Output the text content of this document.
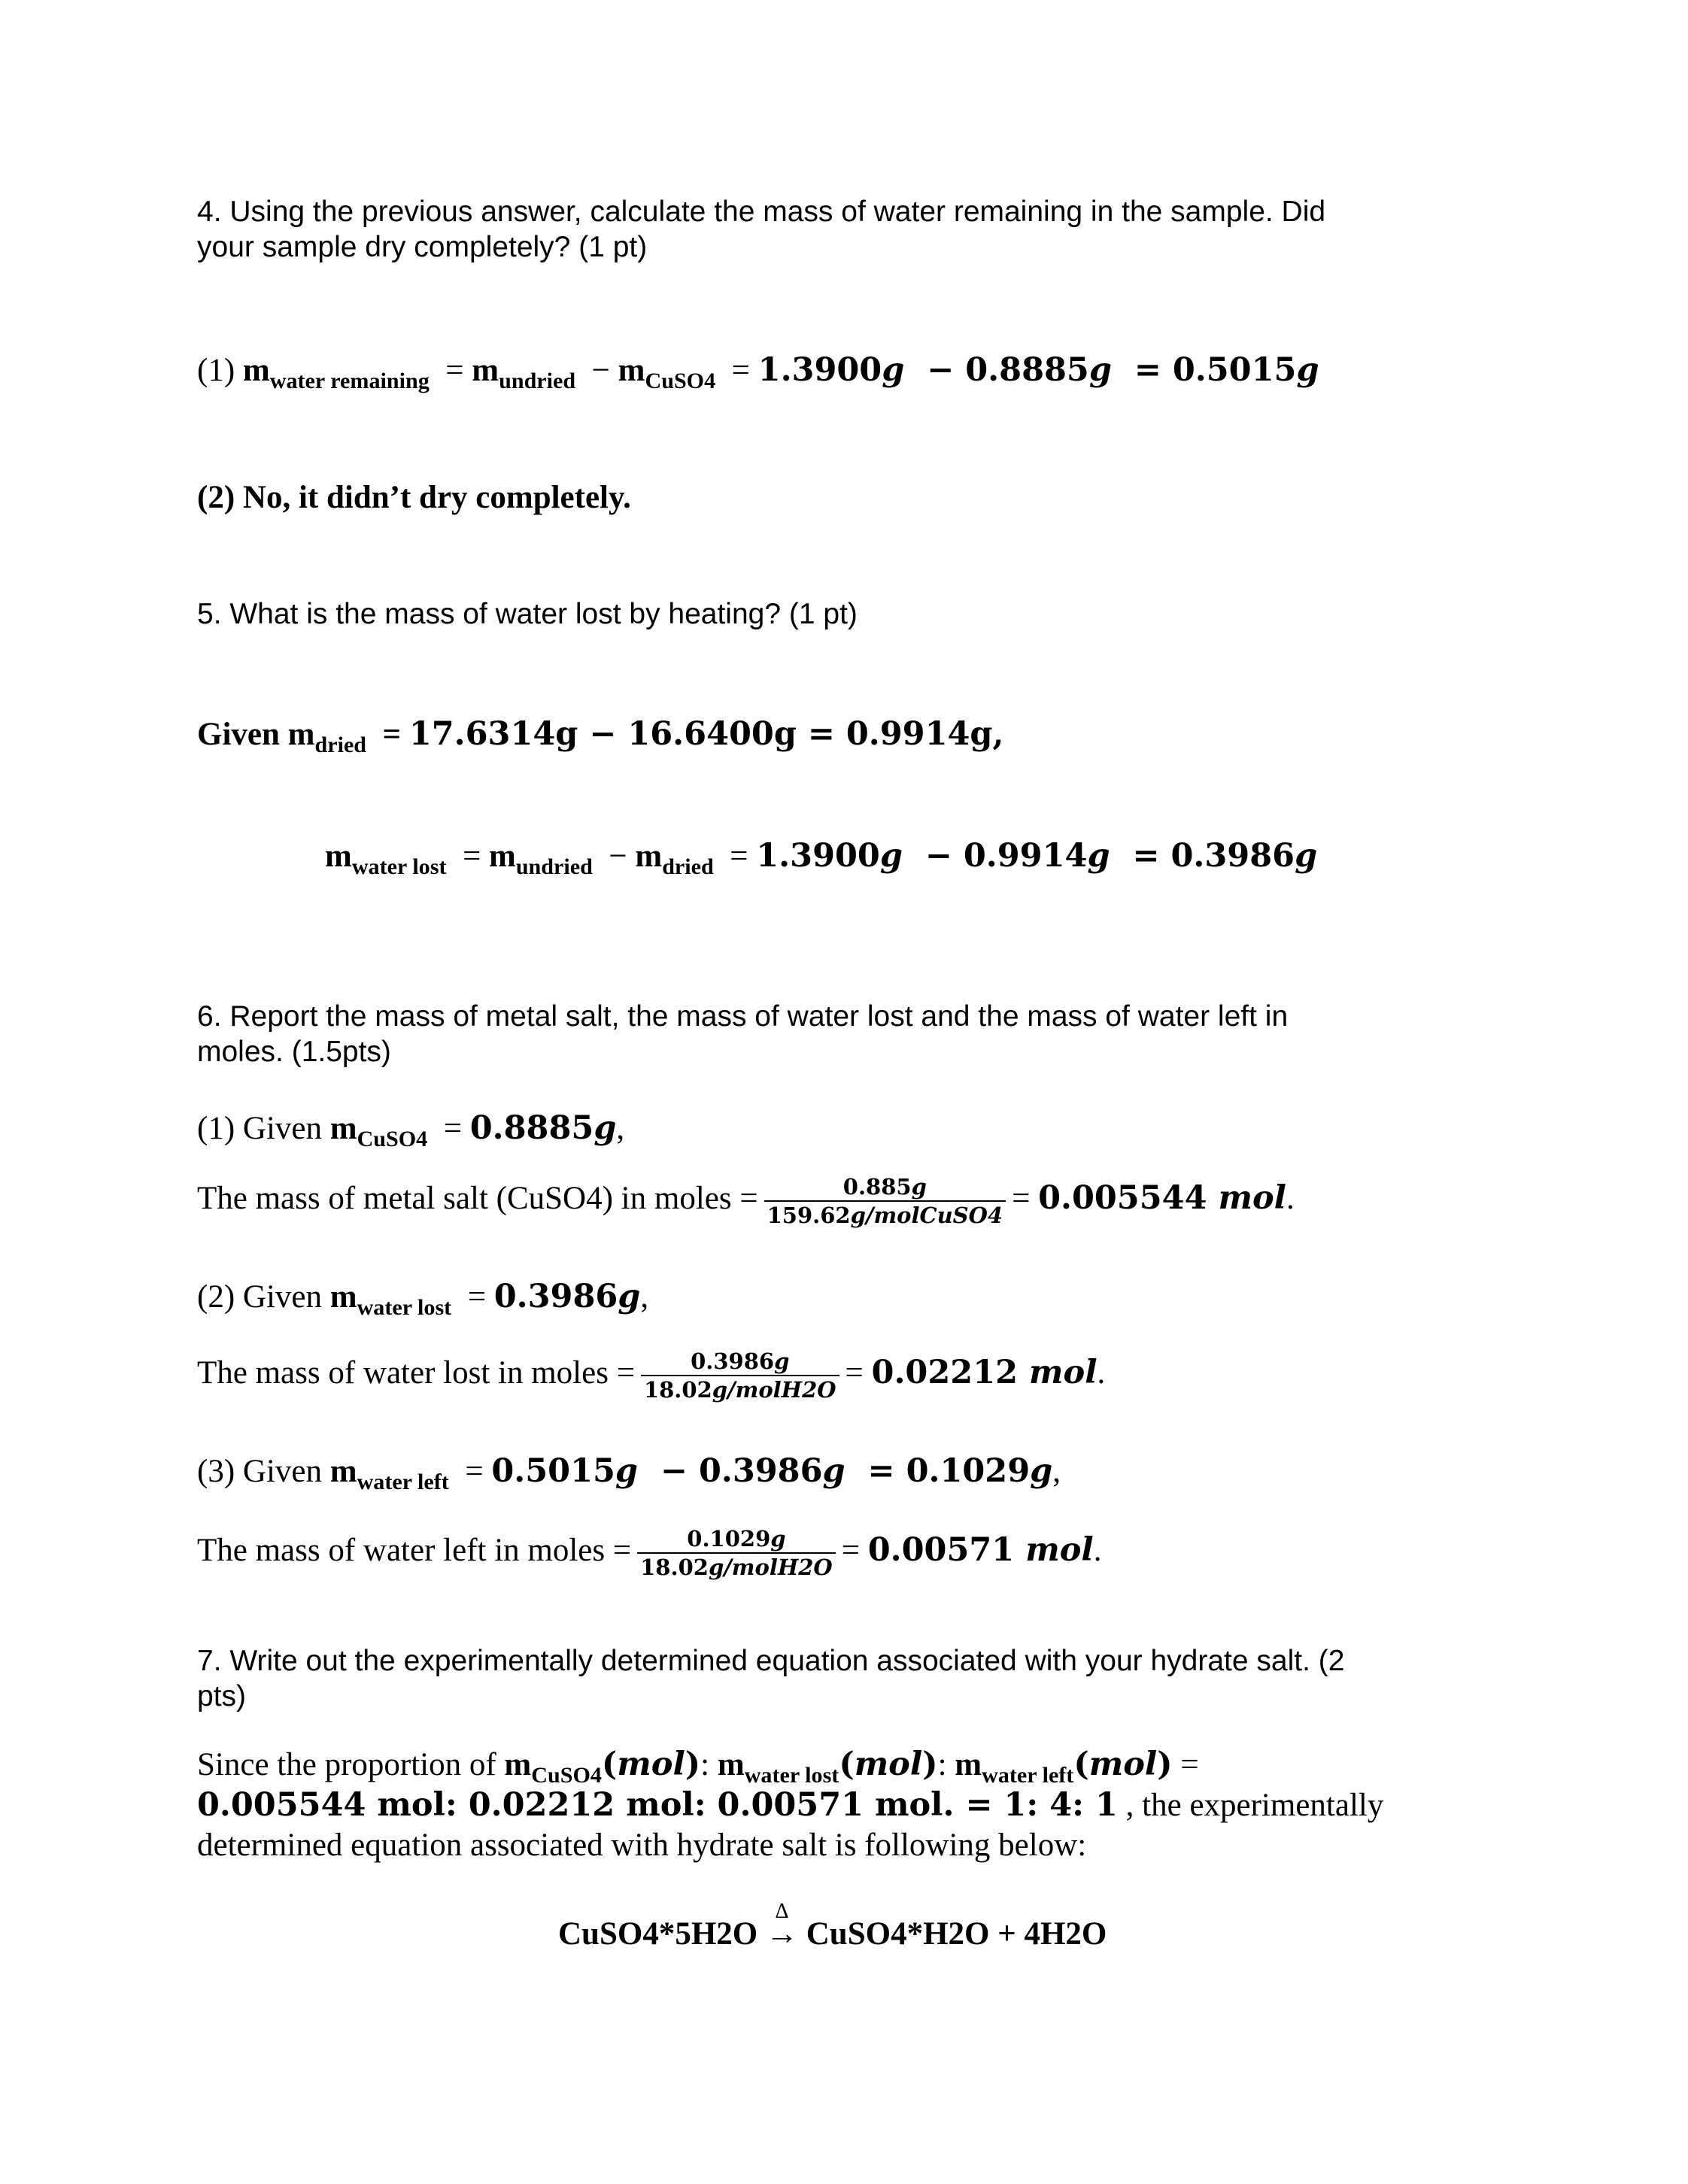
4. Using the previous answer, calculate the mass of water remaining in the sample. Did
your sample dry completely? (1 pt)
(1) $m_{water remaining} = m_{undried} - m_{CuSO4} = 1.3900g - 0.8885g = 0.5015g$
(2) No, it didn’t dry completely.
5. What is the mass of water lost by heating? (1 pt)
Given $m_{dried} = 17.6314g - 16.6400g = 0.9914g$,
$m_{water lost} = m_{undried} - m_{dried} = 1.3900g - 0.9914g = 0.3986g$
6. Report the mass of metal salt, the mass of water lost and the mass of water left in
moles. (1.5pts)
(1) Given $m_{CuSO4} = 0.8885g$,
The mass of metal salt (CuSO4) in moles = $\frac{0.885g}{\text{159.62g/molCuSO4}} = 0.005544$ mol.
(2) Given $m_{water lost} = 0.3986g$,
The mass of water lost in moles = $\frac{0.3986g}{\text{18.02g/molH2O}} = 0.02212$ mol.
(3) Given $m_{water left} = 0.5015g - 0.3986g = 0.1029g$,
The mass of water left in moles = $\frac{0.1029g}{\text{18.02g/molH2O}} = 0.00571$ mol.
7. Write out the experimentally determined equation associated with your hydrate salt. (2
pts)
Since the proportion of $m_{CuSO4}(mol)$: $m_{water lost}(mol)$: $m_{water left}(mol)$ =
0.005544 mol: 0.02212 mol: 0.00571 mol. = 1: 4: 1 , the experimentally
determined equation associated with hydrate salt is following below:
CuSO4*5H2O
Δ
→ CuSO4*H2O + 4H2O
